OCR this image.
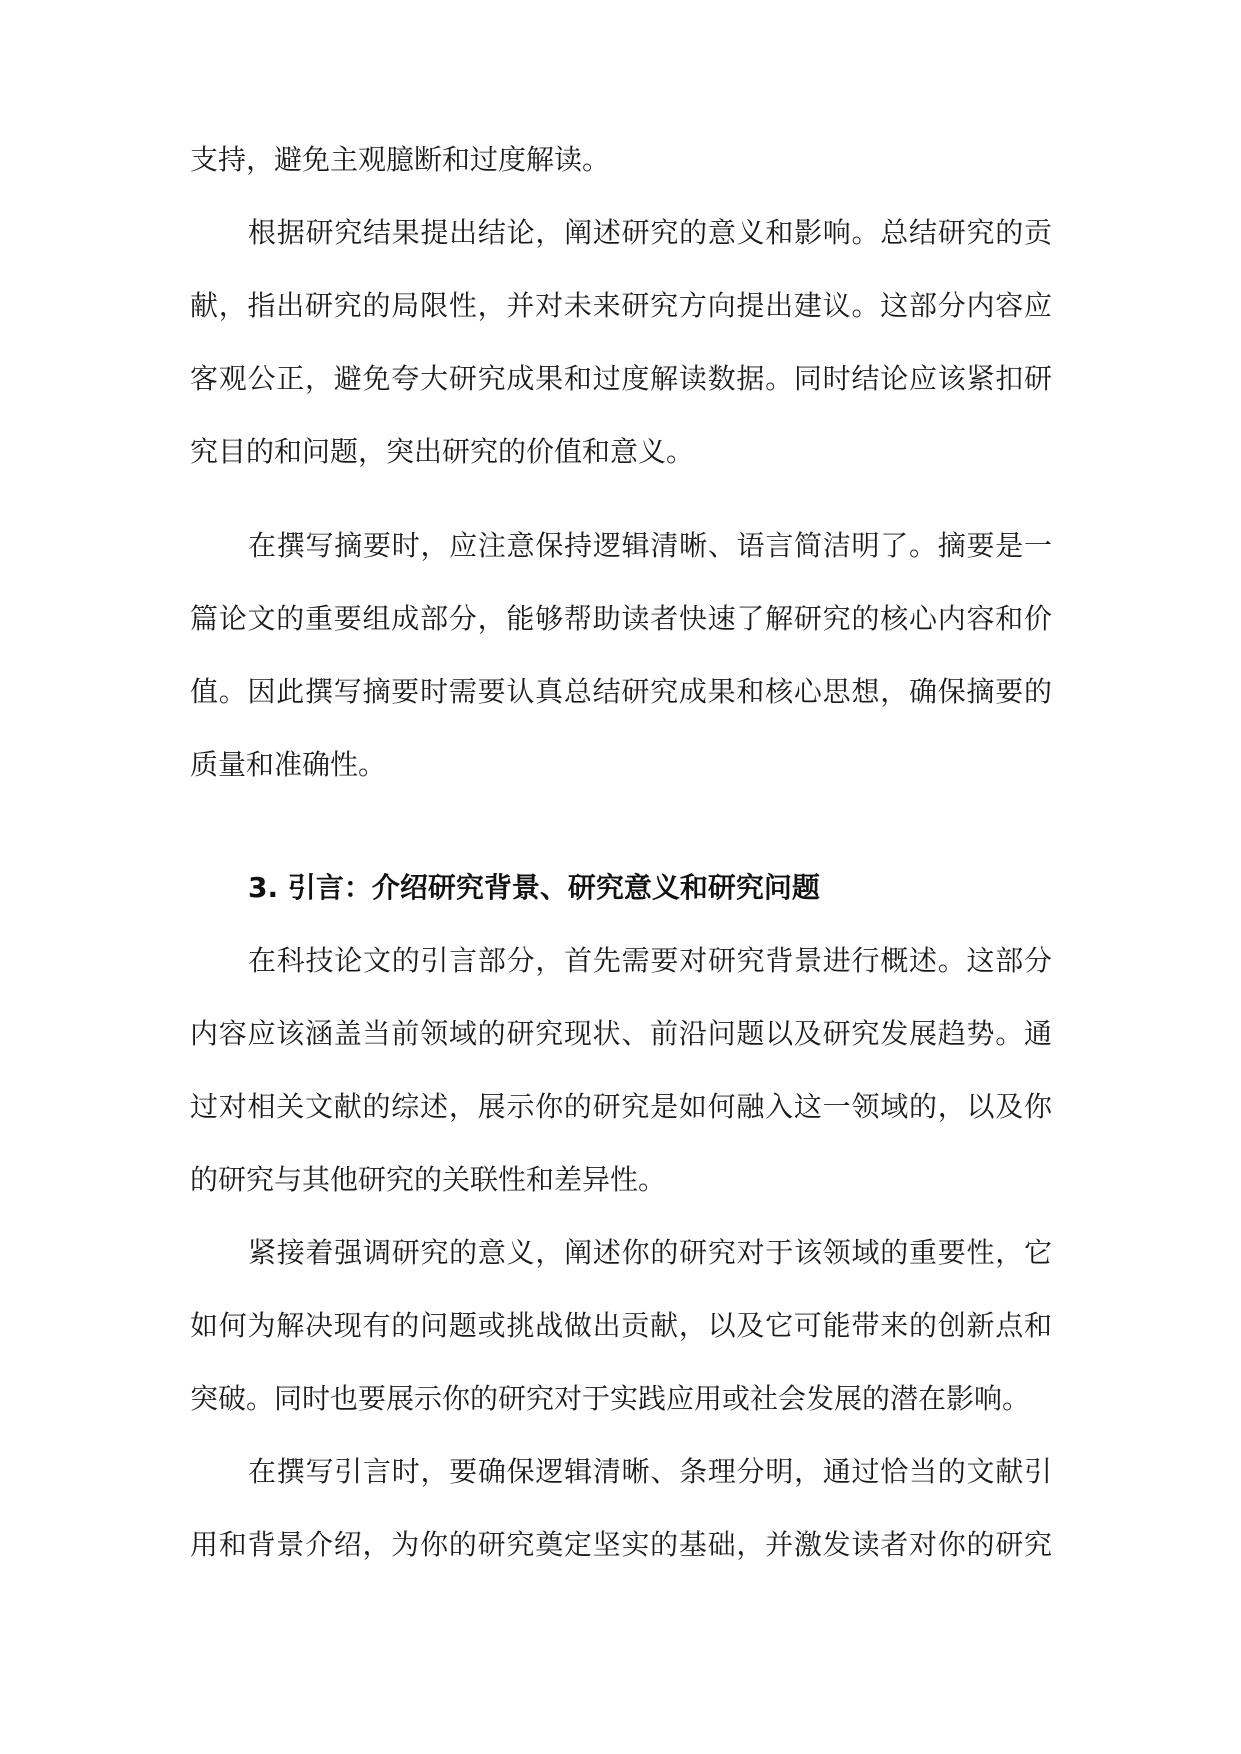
支持，避免主观臆断和过度解读。
根据研究结果提出结论，阐述研究的意义和影响。总结研究的贡
献，指出研究的局限性，并对未来研究方向提出建议。这部分内容应
客观公正，避免夸大研究成果和过度解读数据。同时结论应该紧扣研
究目的和问题，突出研究的价值和意义。
在撰写摘要时，应注意保持逻辑清晰、语言简洁明了。摘要是一
篇论文的重要组成部分，能够帮助读者快速了解研究的核心内容和价
值。因此撰写摘要时需要认真总结研究成果和核心思想，确保摘要的
质量和准确性。
3. 引言：介绍研究背景、研究意义和研究问题
在科技论文的引言部分，首先需要对研究背景进行概述。这部分
内容应该涵盖当前领域的研究现状、前沿问题以及研究发展趋势。通
过对相关文献的综述，展示你的研究是如何融入这一领域的，以及你
的研究与其他研究的关联性和差异性。
紧接着强调研究的意义，阐述你的研究对于该领域的重要性，它
如何为解决现有的问题或挑战做出贡献，以及它可能带来的创新点和
突破。同时也要展示你的研究对于实践应用或社会发展的潜在影响。
在撰写引言时，要确保逻辑清晰、条理分明，通过恰当的文献引
用和背景介绍，为你的研究奠定坚实的基础，并激发读者对你的研究
